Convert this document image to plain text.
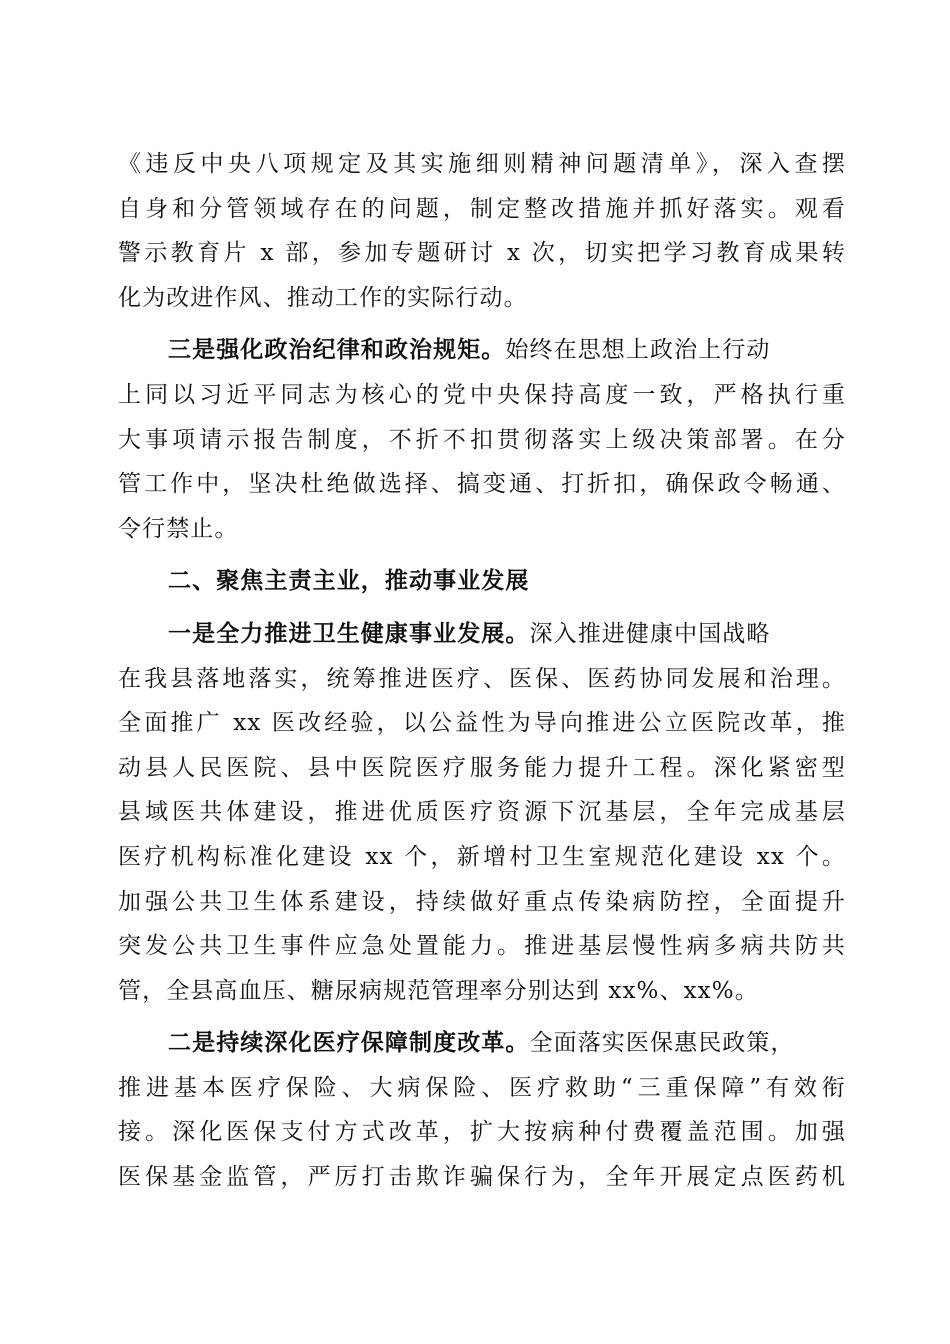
《违反中央八项规定及其实施细则精神问题清单》，深入查摆
自身和分管领域存在的问题，制定整改措施并抓好落实。观看
警示教育片 x 部，参加专题研讨 x 次，切实把学习教育成果转
化为改进作风、推动工作的实际行动。
三是强化政治纪律和政治规矩。始终在思想上政治上行动
上同以习近平同志为核心的党中央保持高度一致，严格执行重
大事项请示报告制度，不折不扣贯彻落实上级决策部署。在分
管工作中，坚决杜绝做选择、搞变通、打折扣，确保政令畅通、
令行禁止。
二、聚焦主责主业，推动事业发展
一是全力推进卫生健康事业发展。深入推进健康中国战略
在我县落地落实，统筹推进医疗、医保、医药协同发展和治理。
全面推广 xx 医改经验，以公益性为导向推进公立医院改革，推
动县人民医院、县中医院医疗服务能力提升工程。深化紧密型
县域医共体建设，推进优质医疗资源下沉基层，全年完成基层
医疗机构标准化建设 xx 个，新增村卫生室规范化建设 xx 个。
加强公共卫生体系建设，持续做好重点传染病防控，全面提升
突发公共卫生事件应急处置能力。推进基层慢性病多病共防共
管，全县高血压、糖尿病规范管理率分别达到 xx%、xx%。
二是持续深化医疗保障制度改革。全面落实医保惠民政策，
推进基本医疗保险、大病保险、医疗救助“三重保障”有效衔
接。深化医保支付方式改革，扩大按病种付费覆盖范围。加强
医保基金监管，严厉打击欺诈骗保行为，全年开展定点医药机
